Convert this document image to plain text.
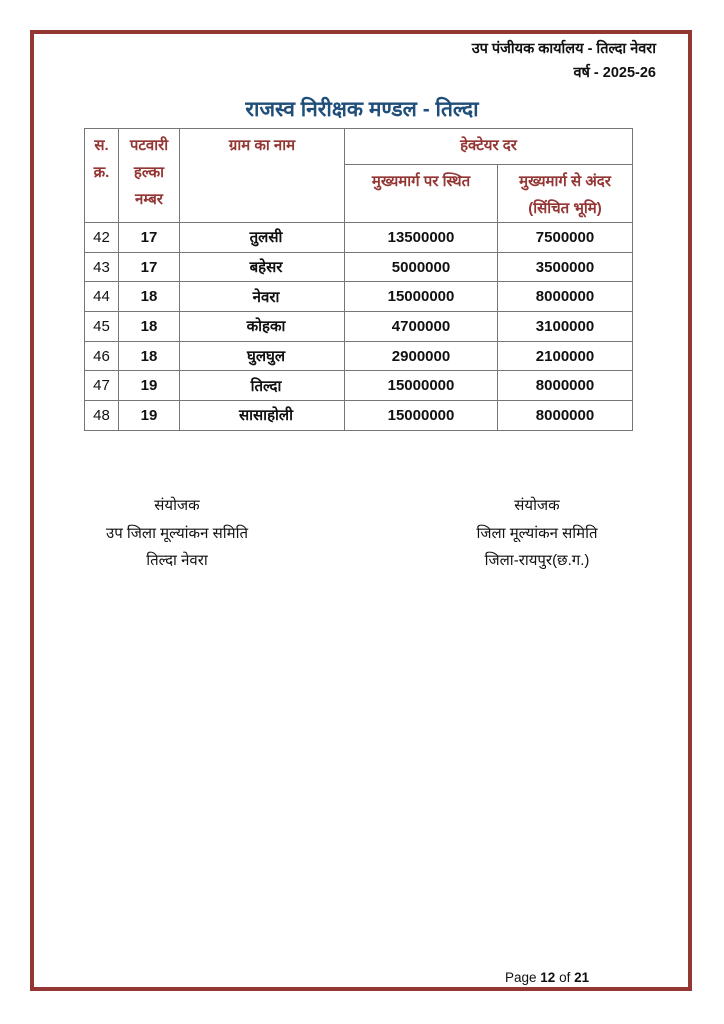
उप पंजीयक कार्यालय - तिल्दा नेवरा
वर्ष - 2025-26
राजस्व निरीक्षक मण्डल - तिल्दा
स. क्र.	पटवारी हल्का नम्बर	ग्राम का नाम	हेक्टेयर दर	
			मुख्यमार्ग पर स्थित	मुख्यमार्ग से अंदर (सिंचित भूमि)
42	17	तुलसी	13500000	7500000
43	17	बहेसर	5000000	3500000
44	18	नेवरा	15000000	8000000
45	18	कोहका	4700000	3100000
46	18	घुलघुल	2900000	2100000
47	19	तिल्दा	15000000	8000000
48	19	सासाहोली	15000000	8000000
संयोजक
उप जिला मूल्यांकन समिति
तिल्दा नेवरा
संयोजक
जिला मूल्यांकन समिति
जिला-रायपुर(छ.ग.)
Page 12 of 21
